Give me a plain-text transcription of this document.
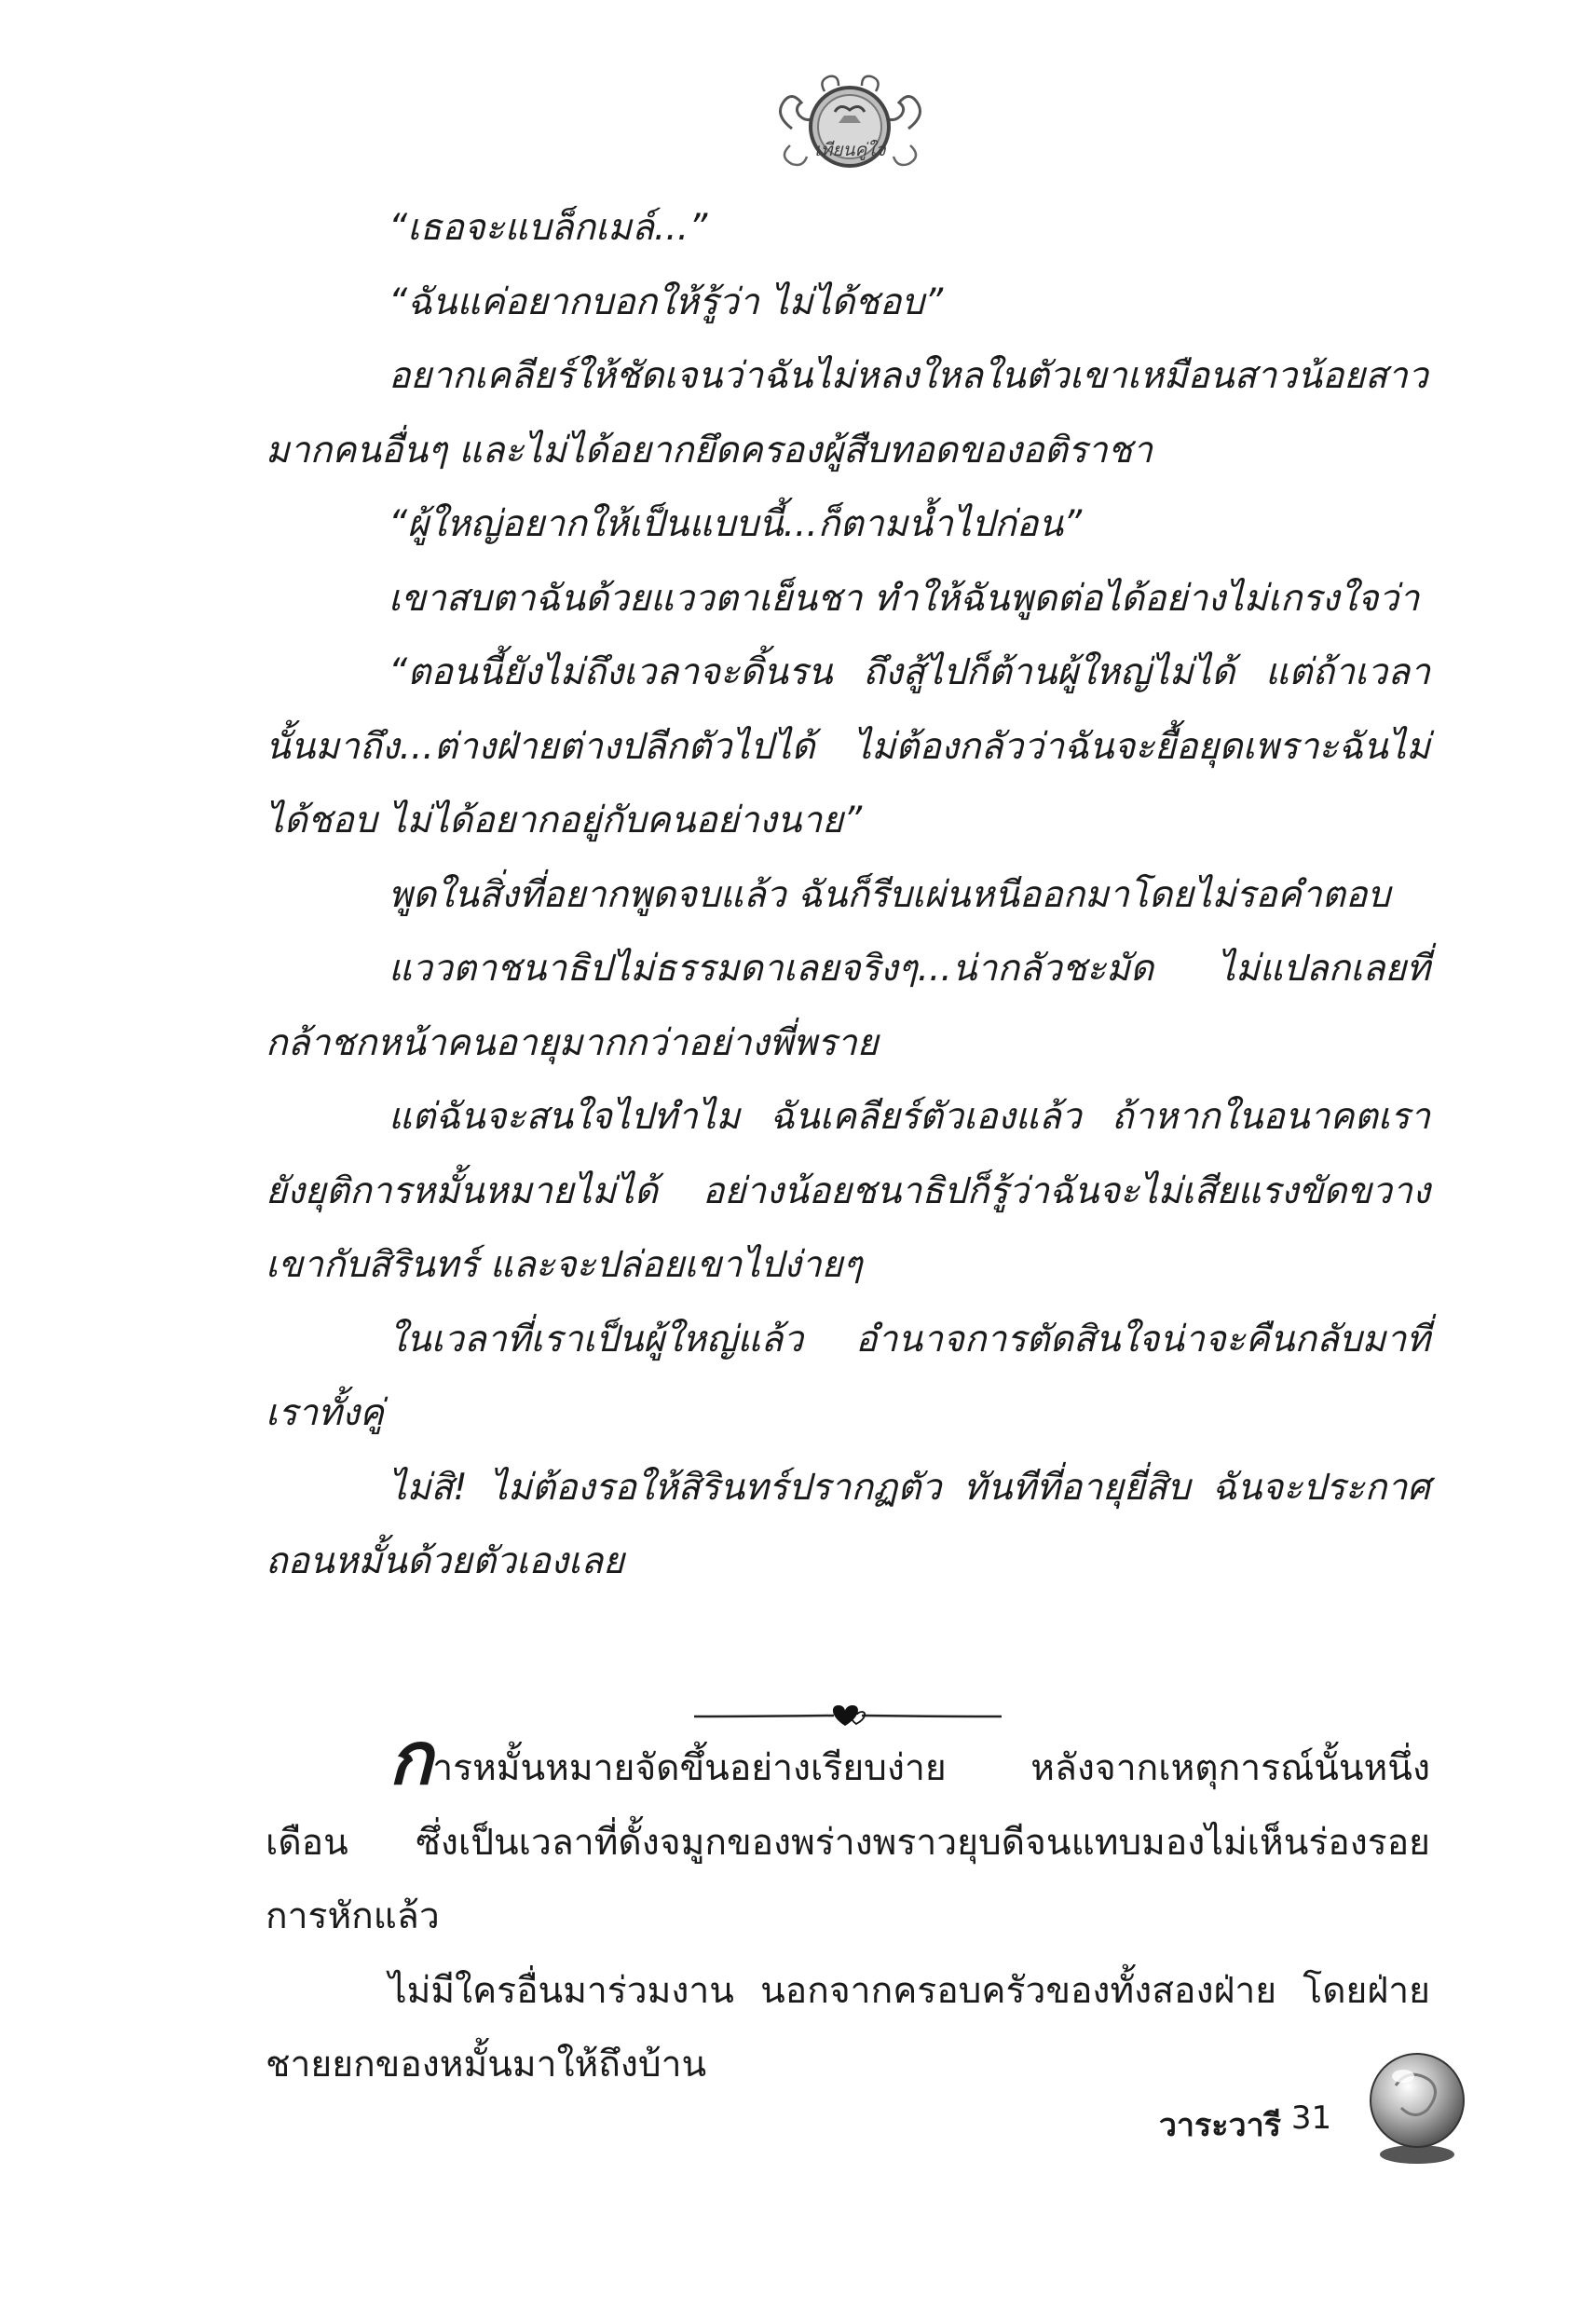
เทียนคู่ใจ

“เธอจะแบล็กเมล์...”

“ฉันแค่อยากบอกให้รู้ว่า ไม่ได้ชอบ”

อยากเคลียร์ให้ชัดเจนว่าฉันไม่หลงใหลในตัวเขาเหมือนสาวน้อยสาวมากคนอื่นๆ และไม่ได้อยากยึดครองผู้สืบทอดของอติราชา

“ผู้ใหญ่อยากให้เป็นแบบนี้...ก็ตามน้ำไปก่อน”

เขาสบตาฉันด้วยแววตาเย็นชา ทำให้ฉันพูดต่อได้อย่างไม่เกรงใจว่า

“ตอนนี้ยังไม่ถึงเวลาจะดิ้นรน ถึงสู้ไปก็ต้านผู้ใหญ่ไม่ได้ แต่ถ้าเวลานั้นมาถึง...ต่างฝ่ายต่างปลีกตัวไปได้ ไม่ต้องกลัวว่าฉันจะยื้อยุดเพราะฉันไม่ได้ชอบ ไม่ได้อยากอยู่กับคนอย่างนาย”

พูดในสิ่งที่อยากพูดจบแล้ว ฉันก็รีบเผ่นหนีออกมาโดยไม่รอคำตอบ

แววตาชนาธิปไม่ธรรมดาเลยจริงๆ...น่ากลัวชะมัด ไม่แปลกเลยที่กล้าชกหน้าคนอายุมากกว่าอย่างพี่พราย

แต่ฉันจะสนใจไปทำไม ฉันเคลียร์ตัวเองแล้ว ถ้าหากในอนาคตเรายังยุติการหมั้นหมายไม่ได้ อย่างน้อยชนาธิปก็รู้ว่าฉันจะไม่เสียแรงขัดขวางเขากับสิรินทร์ และจะปล่อยเขาไปง่ายๆ

ในเวลาที่เราเป็นผู้ใหญ่แล้ว อำนาจการตัดสินใจน่าจะคืนกลับมาที่เราทั้งคู่

ไม่สิ! ไม่ต้องรอให้สิรินทร์ปรากฏตัว ทันทีที่อายุยี่สิบ ฉันจะประกาศถอนหมั้นด้วยตัวเองเลย

การหมั้นหมายจัดขึ้นอย่างเรียบง่าย หลังจากเหตุการณ์นั้นหนึ่งเดือน ซึ่งเป็นเวลาที่ดั้งจมูกของพร่างพราวยุบดีจนแทบมองไม่เห็นร่องรอยการหักแล้ว

ไม่มีใครอื่นมาร่วมงาน นอกจากครอบครัวของทั้งสองฝ่าย โดยฝ่ายชายยกของหมั้นมาให้ถึงบ้าน

วาระวารี 31
